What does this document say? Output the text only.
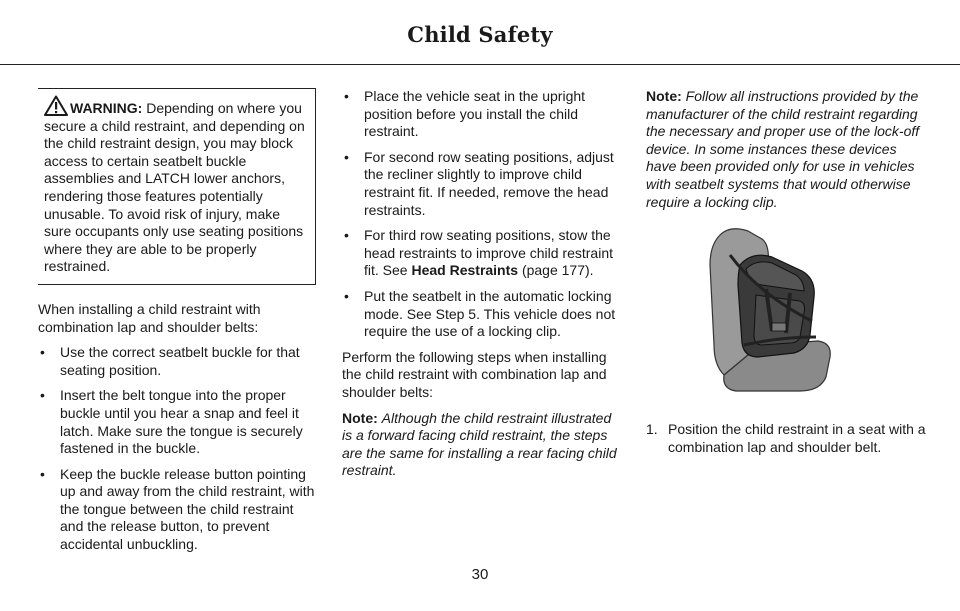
Child Safety

WARNING: Depending on where you secure a child restraint, and depending on the child restraint design, you may block access to certain seatbelt buckle assemblies and LATCH lower anchors, rendering those features potentially unusable. To avoid risk of injury, make sure occupants only use seating positions where they are able to be properly restrained.

When installing a child restraint with combination lap and shoulder belts:

• Use the correct seatbelt buckle for that seating position.
• Insert the belt tongue into the proper buckle until you hear a snap and feel it latch. Make sure the tongue is securely fastened in the buckle.
• Keep the buckle release button pointing up and away from the child restraint, with the tongue between the child restraint and the release button, to prevent accidental unbuckling.
• Place the vehicle seat in the upright position before you install the child restraint.
• For second row seating positions, adjust the recliner slightly to improve child restraint fit. If needed, remove the head restraints.
• For third row seating positions, stow the head restraints to improve child restraint fit. See Head Restraints (page 177).
• Put the seatbelt in the automatic locking mode. See Step 5. This vehicle does not require the use of a locking clip.

Perform the following steps when installing the child restraint with combination lap and shoulder belts:

Note: Although the child restraint illustrated is a forward facing child restraint, the steps are the same for installing a rear facing child restraint.

Note: Follow all instructions provided by the manufacturer of the child restraint regarding the necessary and proper use of the lock-off device. In some instances these devices have been provided only for use in vehicles with seatbelt systems that would otherwise require a locking clip.

1. Position the child restraint in a seat with a combination lap and shoulder belt.
30
